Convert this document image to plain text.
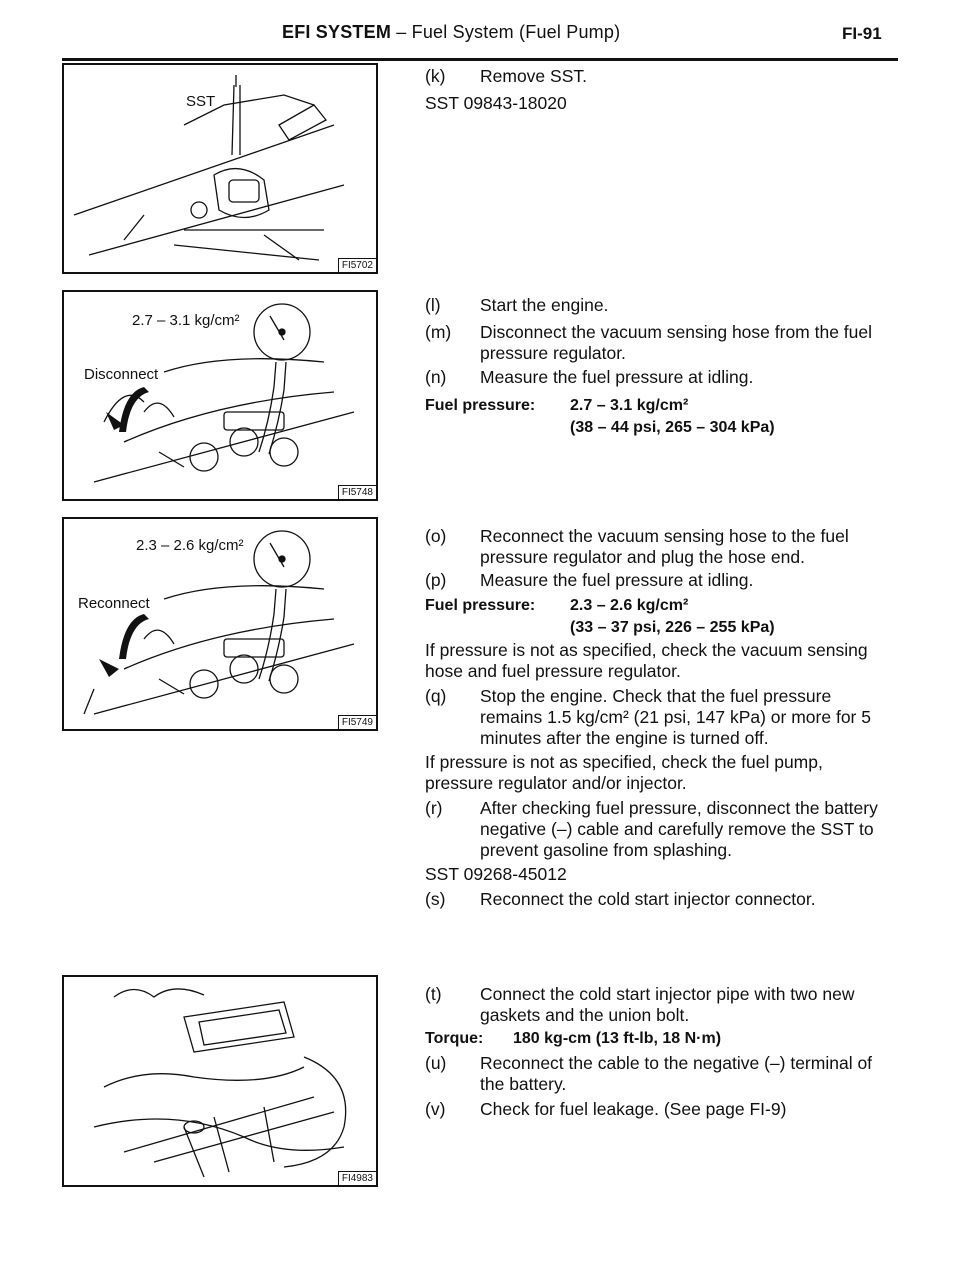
EFI SYSTEM – Fuel System (Fuel Pump)	FI-91
SST
FI5702
2.7 – 3.1 kg/cm²
Disconnect
FI5748
2.3 – 2.6 kg/cm²
Reconnect
FI5749
FI4983
(k) Remove SST.
SST 09843-18020
(l) Start the engine.
(m) Disconnect the vacuum sensing hose from the fuel pressure regulator.
(n) Measure the fuel pressure at idling.
Fuel pressure: 2.7 – 3.1 kg/cm²
(38 – 44 psi, 265 – 304 kPa)
(o) Reconnect the vacuum sensing hose to the fuel pressure regulator and plug the hose end.
(p) Measure the fuel pressure at idling.
Fuel pressure: 2.3 – 2.6 kg/cm²
(33 – 37 psi, 226 – 255 kPa)
If pressure is not as specified, check the vacuum sensing hose and fuel pressure regulator.
(q) Stop the engine. Check that the fuel pressure remains 1.5 kg/cm² (21 psi, 147 kPa) or more for 5 minutes after the engine is turned off.
If pressure is not as specified, check the fuel pump, pressure regulator and/or injector.
(r) After checking fuel pressure, disconnect the battery negative (–) cable and carefully remove the SST to prevent gasoline from splashing.
SST 09268-45012
(s) Reconnect the cold start injector connector.
(t) Connect the cold start injector pipe with two new gaskets and the union bolt.
Torque: 180 kg-cm (13 ft-lb, 18 N·m)
(u) Reconnect the cable to the negative (–) terminal of the battery.
(v) Check for fuel leakage. (See page FI-9)
